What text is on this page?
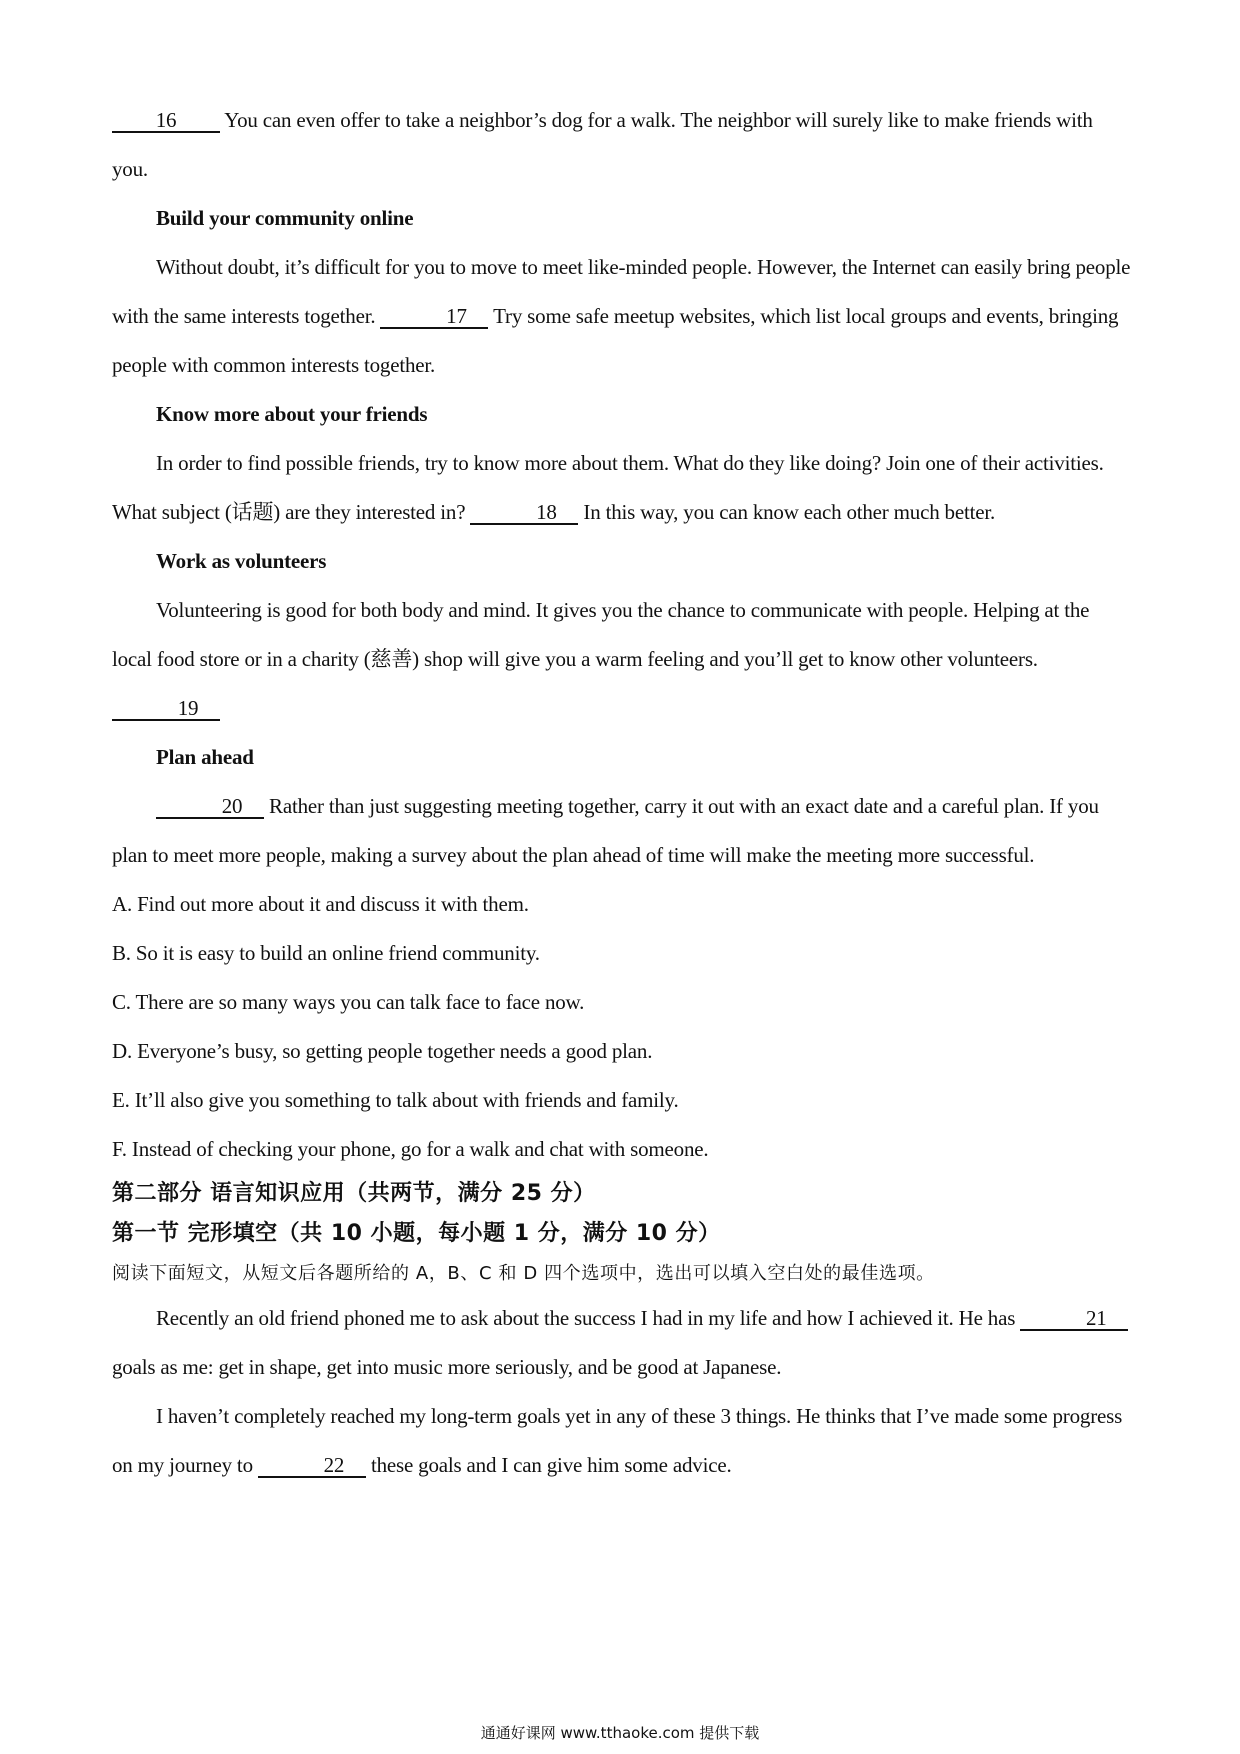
16 You can even offer to take a neighbor’s dog for a walk. The neighbor will surely like to make friends with you.

Build your community online

Without doubt, it’s difficult for you to move to meet like-minded people. However, the Internet can easily bring people with the same interests together.	17 Try some safe meetup websites, which list local groups and events, bringing people with common interests together.

Know more about your friends

In order to find possible friends, try to know more about them. What do they like doing? Join one of their activities. What subject (话题) are they interested in?	18 In this way, you can know each other much better.

Work as volunteers

Volunteering is good for both body and mind. It gives you the chance to communicate with people. Helping at the local food store or in a charity (慈善) shop will give you a warm feeling and you’ll get to know other volunteers. 19

Plan ahead

20 Rather than just suggesting meeting together, carry it out with an exact date and a careful plan. If you plan to meet more people, making a survey about the plan ahead of time will make the meeting more successful.

A. Find out more about it and discuss it with them.

B. So it is easy to build an online friend community.

C. There are so many ways you can talk face to face now.

D. Everyone’s busy, so getting people together needs a good plan.

E. It’ll also give you something to talk about with friends and family.

F. Instead of checking your phone, go for a walk and chat with someone.

第二部分 语言知识应用（共两节，满分 25 分）

第一节 完形填空（共 10 小题，每小题 1 分，满分 10 分）

阅读下面短文，从短文后各题所给的 A，B、C 和 D 四个选项中，选出可以填入空白处的最佳选项。

Recently an old friend phoned me to ask about the success I had in my life and how I achieved it. He has	21 goals as me: get in shape, get into music more seriously, and be good at Japanese.

I haven’t completely reached my long-term goals yet in any of these 3 things. He thinks that I’ve made some progress on my journey to	22 these goals and I can give him some advice.

通通好课网 www.tthaoke.com 提供下载
